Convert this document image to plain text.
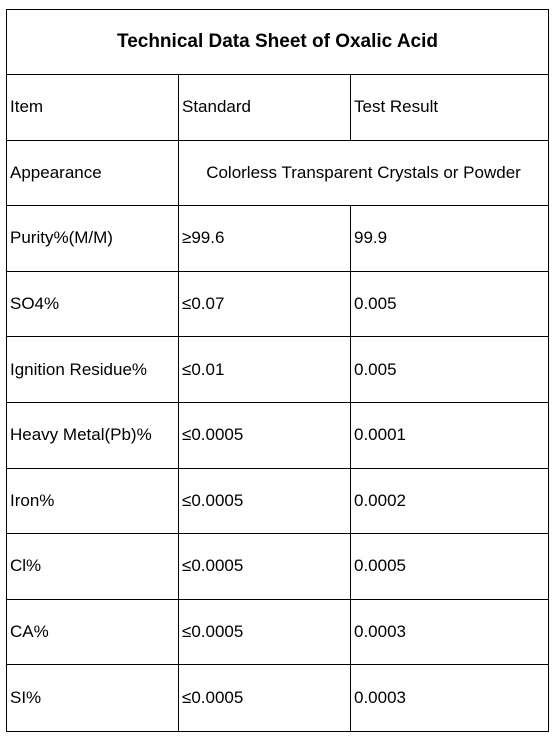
Technical Data Sheet of Oxalic Acid
Item	Standard	Test Result
Appearance	Colorless Transparent Crystals or Powder
Purity%(M/M)	≥99.6	99.9
SO4%	≤0.07	0.005
Ignition Residue%	≤0.01	0.005
Heavy Metal(Pb)%	≤0.0005	0.0001
Iron%	≤0.0005	0.0002
Cl%	≤0.0005	0.0005
CA%	≤0.0005	0.0003
SI%	≤0.0005	0.0003
